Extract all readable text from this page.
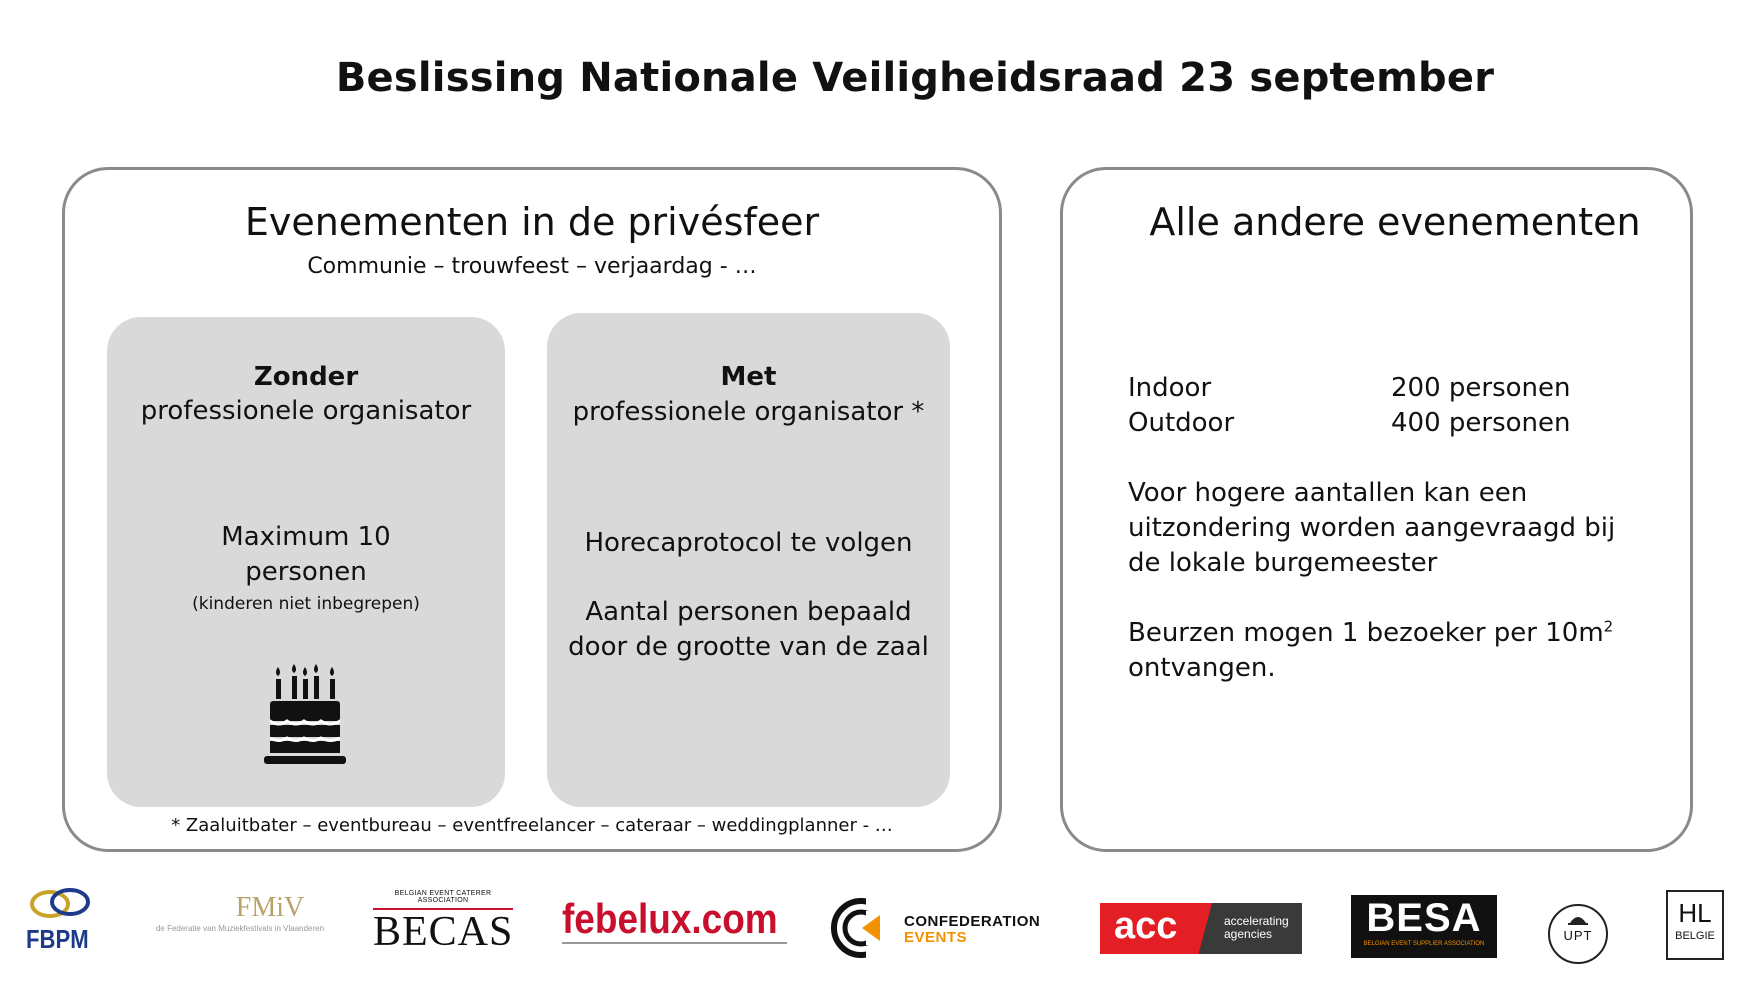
Beslissing Nationale Veiligheidsraad 23 september
Evenementen in de privésfeer
Communie – trouwfeest – verjaardag - …
Zonder
professionele organisator
Maximum 10
personen
(kinderen niet inbegrepen)
Met
professionele organisator *
Horecaprotocol te volgen
Aantal personen bepaald
door de grootte van de zaal
* Zaaluitbater – eventbureau – eventfreelancer – cateraar – weddingplanner - …
Alle andere evenementen
Indoor	200 personen
Outdoor	400 personen
Voor hogere aantallen kan een
uitzondering worden aangevraagd bij
de lokale burgemeester
Beurzen mogen 1 bezoeker per $10m^2$
ontvangen.
FBPM
FMiV
de Federatie van Muziekfestivals in Vlaanderen
BELGIAN EVENT CATERER ASSOCIATION
BECAS febelux.com	CONFEDERATION
EVENTS	acc	accelerating
agencies	BESA
BELGIAN EVENT SUPPLIER ASSOCIATION
UPT
HL
BELGIE
